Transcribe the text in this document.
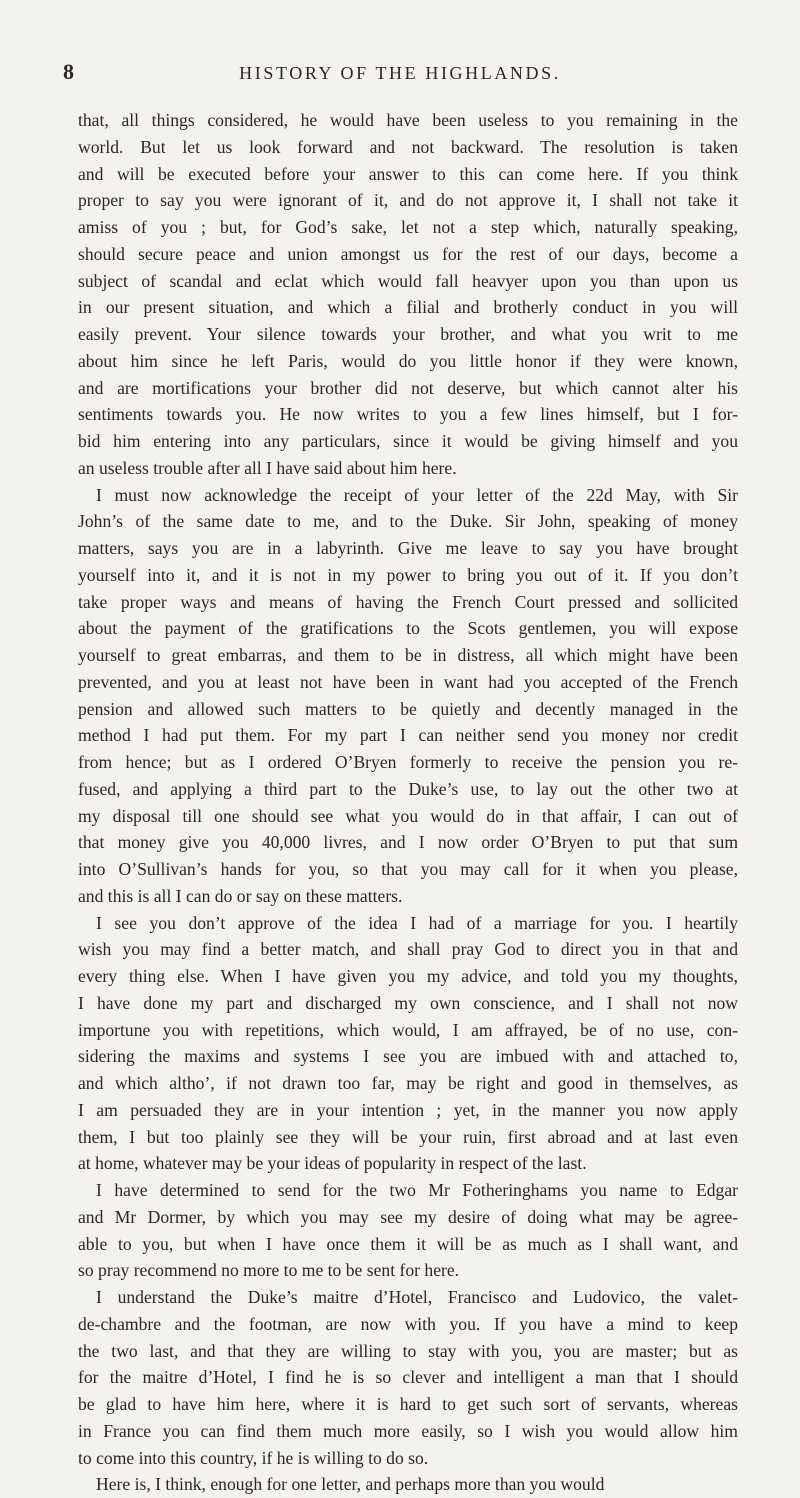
8	HISTORY OF THE HIGHLANDS.
that, all things considered, he would have been useless to you remaining in the
world. But let us look forward and not backward. The resolution is taken
and will be executed before your answer to this can come here. If you think
proper to say you were ignorant of it, and do not approve it, I shall not take it
amiss of you ; but, for God’s sake, let not a step which, naturally speaking,
should secure peace and union amongst us for the rest of our days, become a
subject of scandal and eclat which would fall heavyer upon you than upon us
in our present situation, and which a filial and brotherly conduct in you will
easily prevent. Your silence towards your brother, and what you writ to me
about him since he left Paris, would do you little honor if they were known,
and are mortifications your brother did not deserve, but which cannot alter his
sentiments towards you. He now writes to you a few lines himself, but I for-
bid him entering into any particulars, since it would be giving himself and you
an useless trouble after all I have said about him here.
I must now acknowledge the receipt of your letter of the 22d May, with Sir
John’s of the same date to me, and to the Duke. Sir John, speaking of money
matters, says you are in a labyrinth. Give me leave to say you have brought
yourself into it, and it is not in my power to bring you out of it. If you don’t
take proper ways and means of having the French Court pressed and sollicited
about the payment of the gratifications to the Scots gentlemen, you will expose
yourself to great embarras, and them to be in distress, all which might have been
prevented, and you at least not have been in want had you accepted of the French
pension and allowed such matters to be quietly and decently managed in the
method I had put them. For my part I can neither send you money nor credit
from hence; but as I ordered O’Bryen formerly to receive the pension you re-
fused, and applying a third part to the Duke’s use, to lay out the other two at
my disposal till one should see what you would do in that affair, I can out of
that money give you 40,000 livres, and I now order O’Bryen to put that sum
into O’Sullivan’s hands for you, so that you may call for it when you please,
and this is all I can do or say on these matters.
I see you don’t approve of the idea I had of a marriage for you. I heartily
wish you may find a better match, and shall pray God to direct you in that and
every thing else. When I have given you my advice, and told you my thoughts,
I have done my part and discharged my own conscience, and I shall not now
importune you with repetitions, which would, I am affrayed, be of no use, con-
sidering the maxims and systems I see you are imbued with and attached to,
and which altho’, if not drawn too far, may be right and good in themselves, as
I am persuaded they are in your intention ; yet, in the manner you now apply
them, I but too plainly see they will be your ruin, first abroad and at last even
at home, whatever may be your ideas of popularity in respect of the last.
I have determined to send for the two Mr Fotheringhams you name to Edgar
and Mr Dormer, by which you may see my desire of doing what may be agree-
able to you, but when I have once them it will be as much as I shall want, and
so pray recommend no more to me to be sent for here.
I understand the Duke’s maitre d’Hotel, Francisco and Ludovico, the valet-
de-chambre and the footman, are now with you. If you have a mind to keep
the two last, and that they are willing to stay with you, you are master; but as
for the maitre d’Hotel, I find he is so clever and intelligent a man that I should
be glad to have him here, where it is hard to get such sort of servants, whereas
in France you can find them much more easily, so I wish you would allow him
to come into this country, if he is willing to do so.
Here is, I think, enough for one letter, and perhaps more than you would
